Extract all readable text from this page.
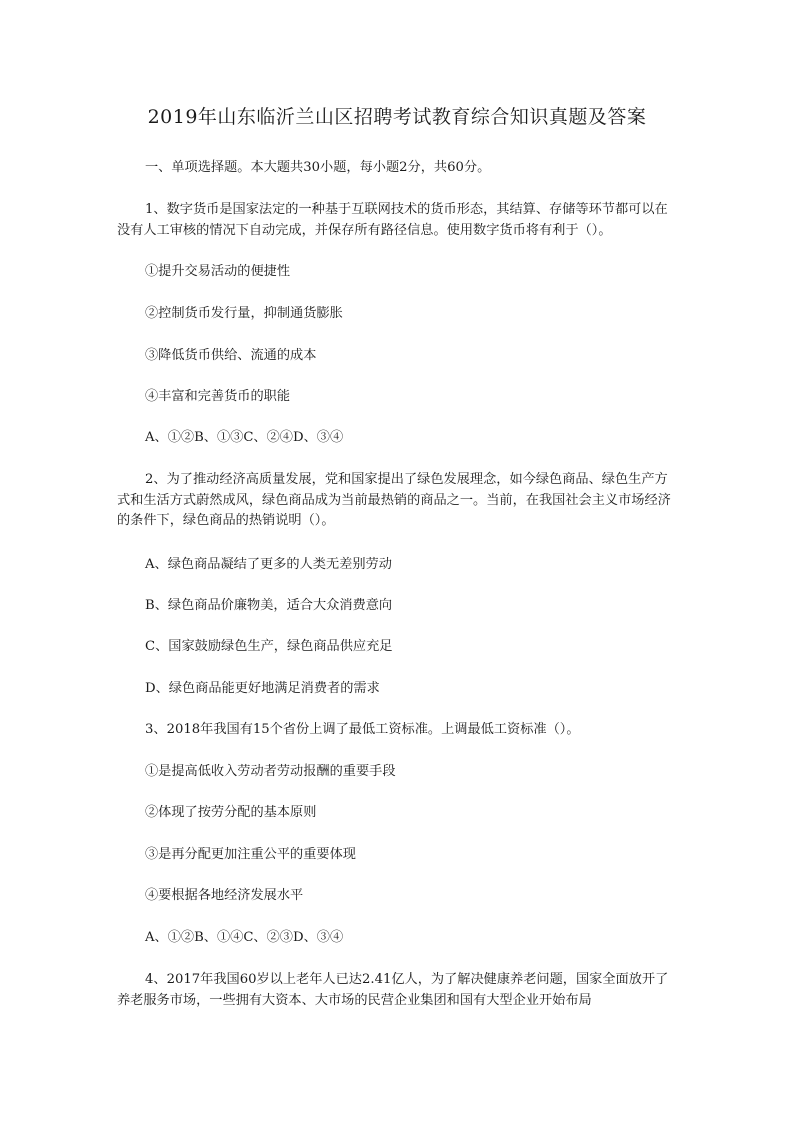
2019年山东临沂兰山区招聘考试教育综合知识真题及答案

一、单项选择题。本大题共30小题，每小题2分，共60分。

1、数字货币是国家法定的一种基于互联网技术的货币形态，其结算、存储等环节都可以在没有人工审核的情况下自动完成，并保存所有路径信息。使用数字货币将有利于（）。

①提升交易活动的便捷性
②控制货币发行量，抑制通货膨胀
③降低货币供给、流通的成本
④丰富和完善货币的职能
A、①②B、①③C、②④D、③④

2、为了推动经济高质量发展，党和国家提出了绿色发展理念，如今绿色商品、绿色生产方式和生活方式蔚然成风，绿色商品成为当前最热销的商品之一。当前，在我国社会主义市场经济的条件下，绿色商品的热销说明（）。

A、绿色商品凝结了更多的人类无差别劳动
B、绿色商品价廉物美，适合大众消费意向
C、国家鼓励绿色生产，绿色商品供应充足
D、绿色商品能更好地满足消费者的需求

3、2018年我国有15个省份上调了最低工资标准。上调最低工资标准（）。

①是提高低收入劳动者劳动报酬的重要手段
②体现了按劳分配的基本原则
③是再分配更加注重公平的重要体现
④要根据各地经济发展水平
A、①②B、①④C、②③D、③④

4、2017年我国60岁以上老年人已达2.41亿人，为了解决健康养老问题，国家全面放开了养老服务市场，一些拥有大资本、大市场的民营企业集团和国有大型企业开始布局
